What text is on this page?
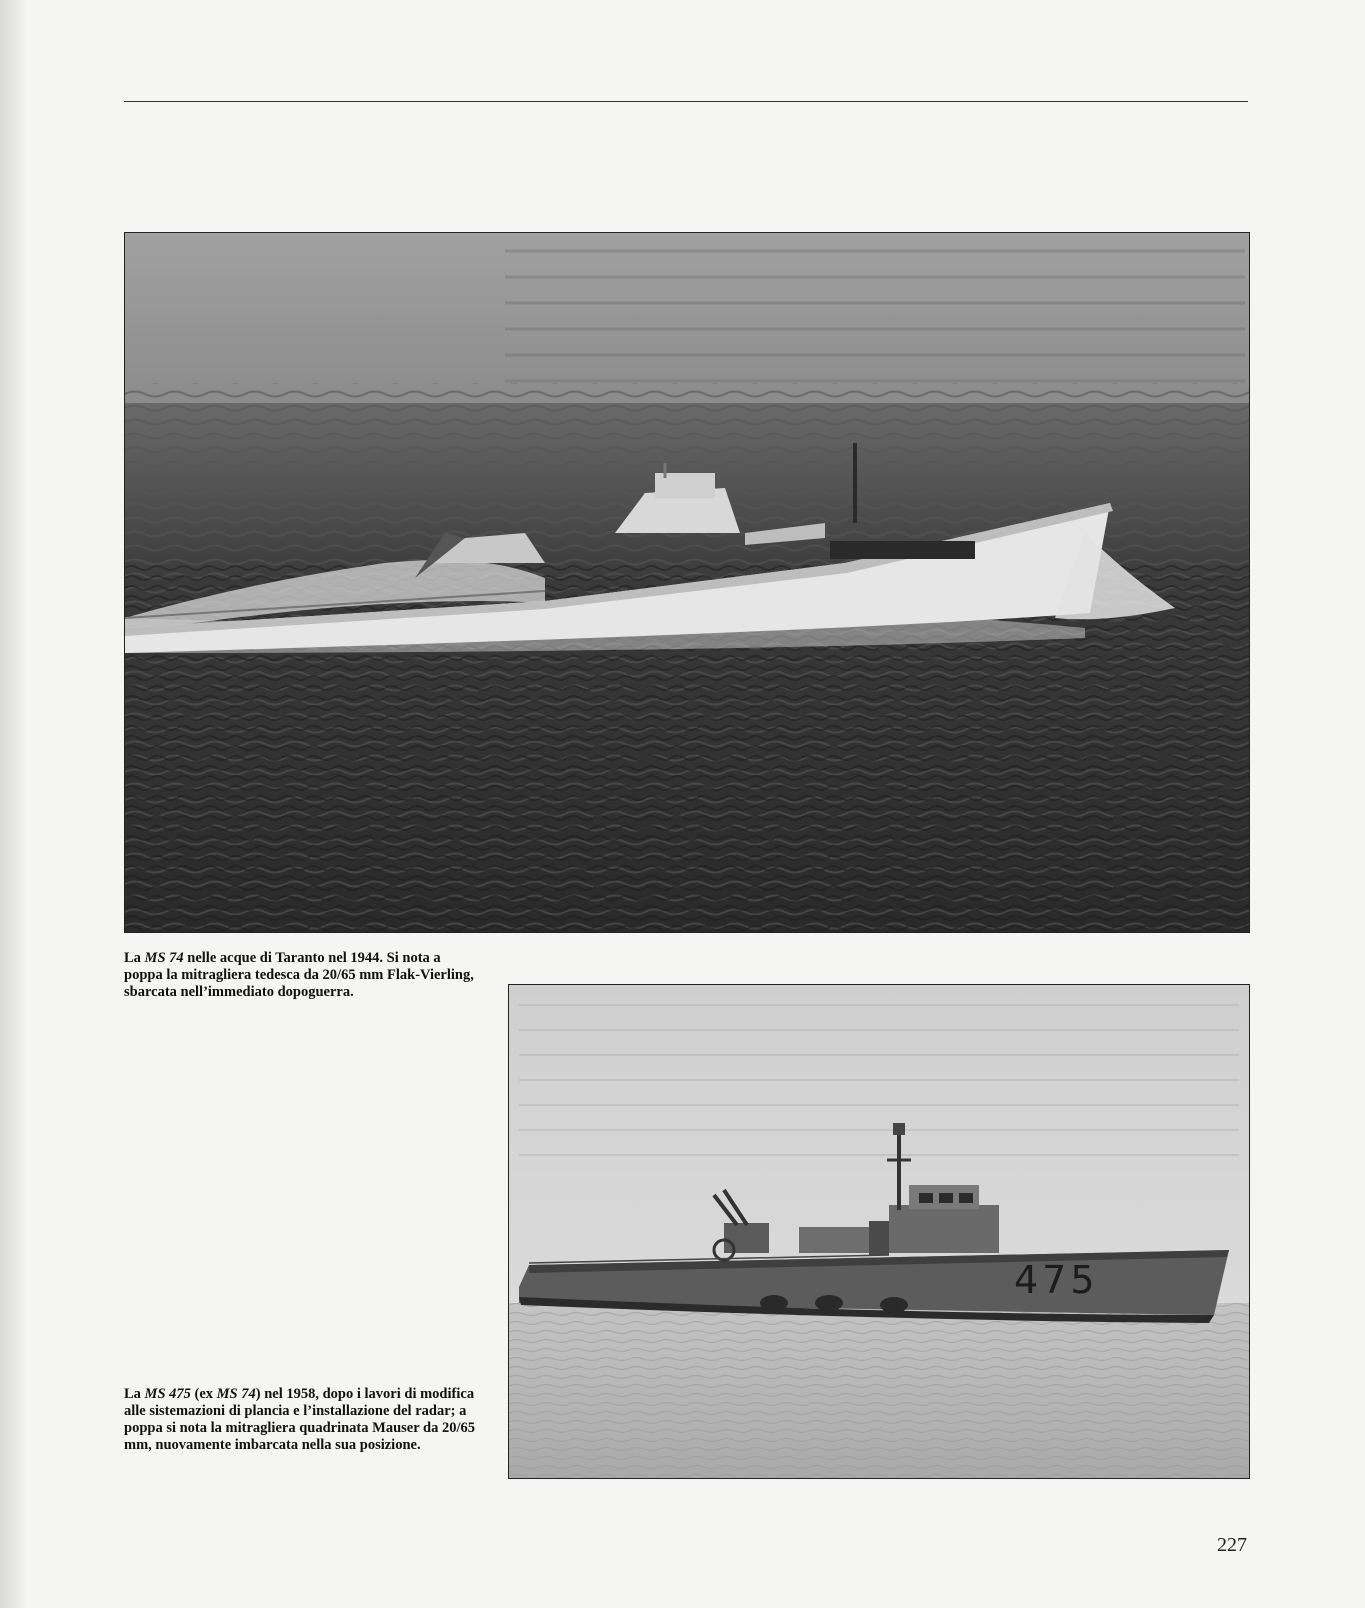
La MS 74 nelle acque di Taranto nel 1944. Si nota a poppa la mitragliera tedesca da 20/65 mm Flak-Vierling, sbarcata nell’immediato dopoguerra.

475

La MS 475 (ex MS 74) nel 1958, dopo i lavori di modifica alle sistemazioni di plancia e l’installazione del radar; a poppa si nota la mitragliera quadrinata Mauser da 20/65 mm, nuovamente imbarcata nella sua posizione.

227
